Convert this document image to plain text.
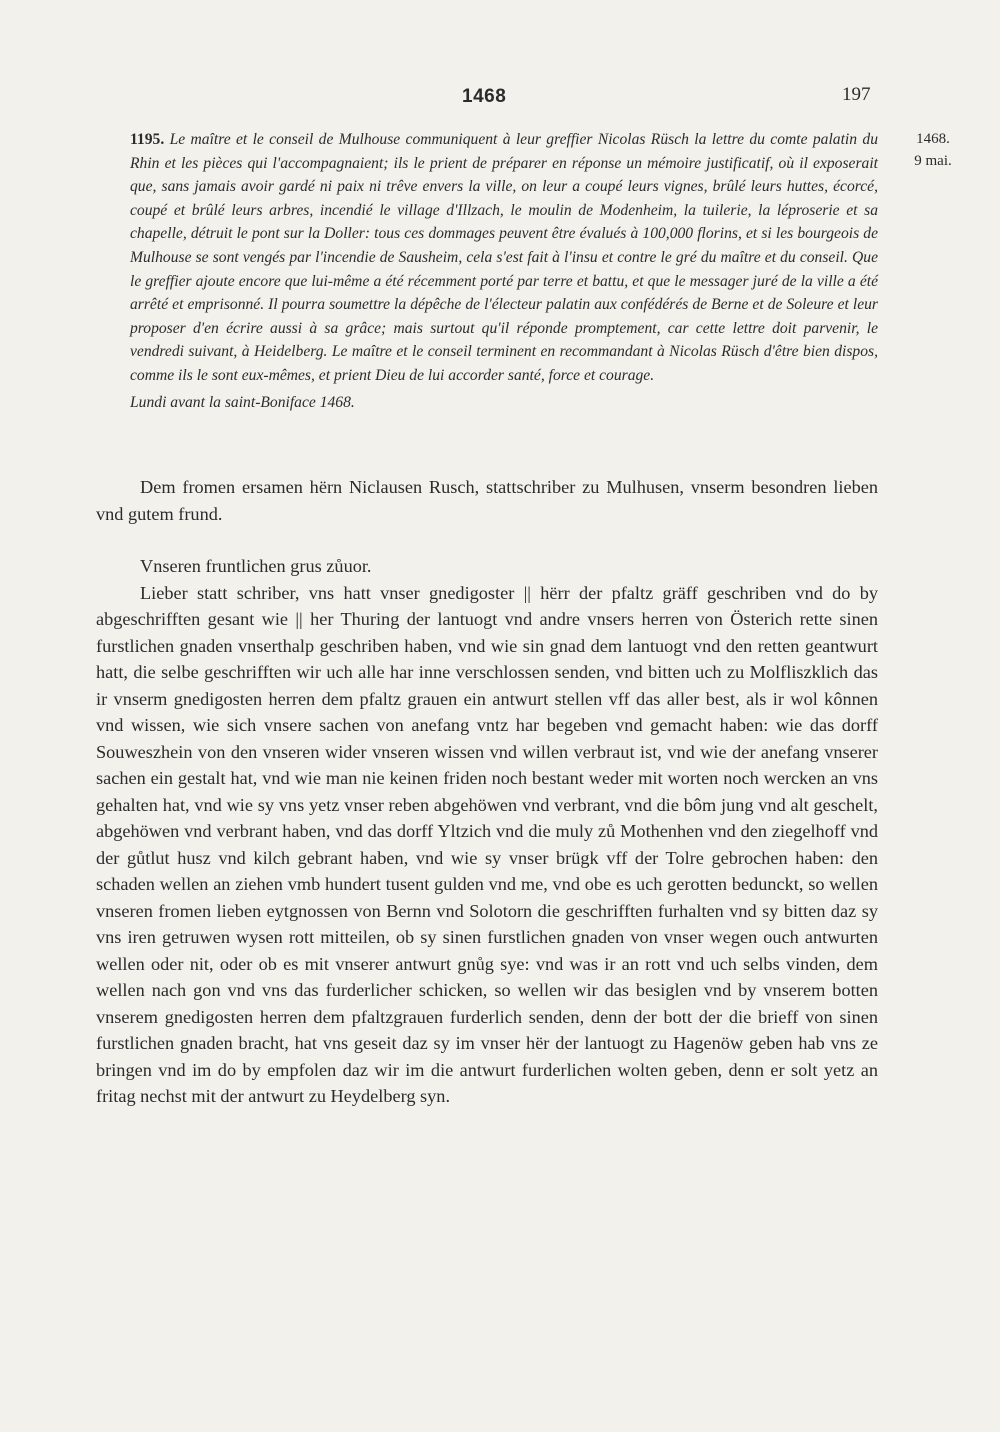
1468	197
1468.
9 mai.

1195. Le maître et le conseil de Mulhouse communiquent à leur greffier Nicolas Rüsch la lettre du comte palatin du Rhin et les pièces qui l'accompagnaient; ils le prient de préparer en réponse un mémoire justificatif, où il exposerait que, sans jamais avoir gardé ni paix ni trêve envers la ville, on leur a coupé leurs vignes, brûlé leurs huttes, écorcé, coupé et brûlé leurs arbres, incendié le village d'Illzach, le moulin de Modenheim, la tuilerie, la léproserie et sa chapelle, détruit le pont sur la Doller: tous ces dommages peuvent être évalués à 100,000 florins, et si les bourgeois de Mulhouse se sont vengés par l'incendie de Sausheim, cela s'est fait à l'insu et contre le gré du maître et du conseil. Que le greffier ajoute encore que lui-même a été récemment porté par terre et battu, et que le messager juré de la ville a été arrêté et emprisonné. Il pourra soumettre la dépêche de l'électeur palatin aux confédérés de Berne et de Soleure et leur proposer d'en écrire aussi à sa grâce; mais surtout qu'il réponde promptement, car cette lettre doit parvenir, le vendredi suivant, à Heidelberg. Le maître et le conseil terminent en recommandant à Nicolas Rüsch d'être bien dispos, comme ils le sont eux-mêmes, et prient Dieu de lui accorder santé, force et courage.

Lundi avant la saint-Boniface 1468.

Dem fromen ersamen hërn Niclausen Rusch, stattschriber zu Mulhusen, vnserm besondren lieben vnd gutem frund.

Vnseren fruntlichen grus zůuor.

Lieber statt schriber, vns hatt vnser gnedigoster || hërr der pfaltz gräff geschriben vnd do by abgeschrifften gesant wie || her Thuring der lantuogt vnd andre vnsers herren von Österich rette sinen furstlichen gnaden vnserthalp geschriben haben, vnd wie sin gnad dem lantuogt vnd den retten geantwurt hatt, die selbe geschrifften wir uch alle har inne verschlossen senden, vnd bitten uch zu Molfliszklich das ir vnserm gnedigosten herren dem pfaltz grauen ein antwurt stellen vff das aller best, als ir wol kônnen vnd wissen, wie sich vnsere sachen von anefang vntz har begeben vnd gemacht haben: wie das dorff Souweszhein von den vnseren wider vnseren wissen vnd willen verbraut ist, vnd wie der anefang vnserer sachen ein gestalt hat, vnd wie man nie keinen friden noch bestant weder mit worten noch wercken an vns gehalten hat, vnd wie sy vns yetz vnser reben abgehöwen vnd verbrant, vnd die bôm jung vnd alt geschelt, abgehöwen vnd verbrant haben, vnd das dorff Yltzich vnd die muly zů Mothenhen vnd den ziegelhoff vnd der gůtlut husz vnd kilch gebrant haben, vnd wie sy vnser brügk vff der Tolre gebrochen haben: den schaden wellen an ziehen vmb hundert tusent gulden vnd me, vnd obe es uch gerotten bedunckt, so wellen vnseren fromen lieben eytgnossen von Bernn vnd Solotorn die geschrifften furhalten vnd sy bitten daz sy vns iren getruwen wysen rott mitteilen, ob sy sinen furstlichen gnaden von vnser wegen ouch antwurten wellen oder nit, oder ob es mit vnserer antwurt gnůg sye: vnd was ir an rott vnd uch selbs vinden, dem wellen nach gon vnd vns das furderlicher schicken, so wellen wir das besiglen vnd by vnserem botten vnserem gnedigosten herren dem pfaltzgrauen furderlich senden, denn der bott der die brieff von sinen furstlichen gnaden bracht, hat vns geseit daz sy im vnser hër der lantuogt zu Hagenöw geben hab vns ze bringen vnd im do by empfolen daz wir im die antwurt furderlichen wolten geben, denn er solt yetz an fritag nechst mit der antwurt zu Heydelberg syn.
